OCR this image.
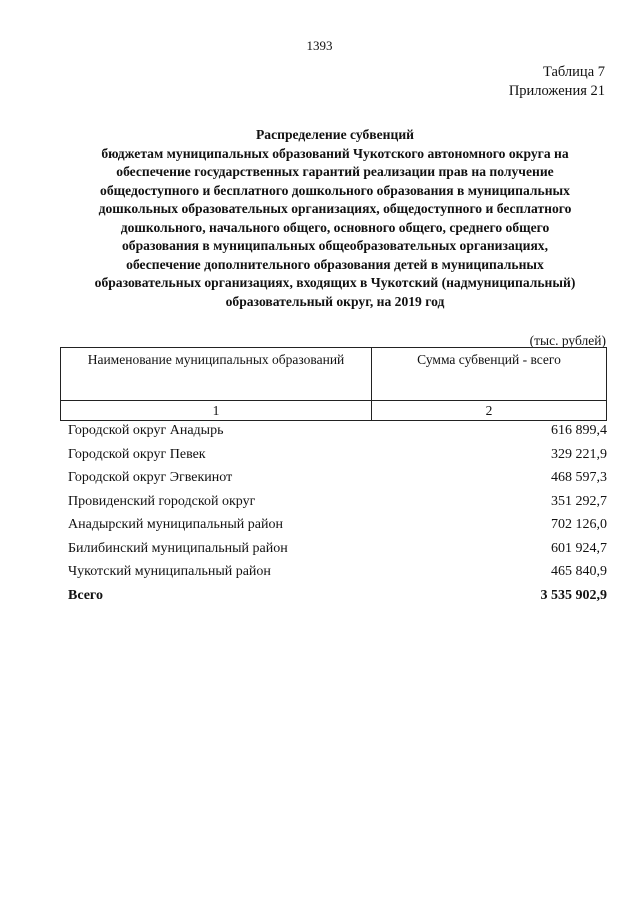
1393
Таблица 7
Приложения 21
Распределение субвенций
бюджетам муниципальных образований Чукотского автономного округа на
обеспечение государственных гарантий реализации прав на получение
общедоступного и бесплатного дошкольного образования в муниципальных
дошкольных образовательных организациях, общедоступного и бесплатного
дошкольного, начального общего, основного общего, среднего общего
образования в муниципальных общеобразовательных организациях,
обеспечение дополнительного образования детей в муниципальных
образовательных организациях, входящих в Чукотский (надмуниципальный)
образовательный округ, на 2019 год
(тыс. рублей)
Наименование муниципальных образований	Сумма субвенций - всего
1	2
Городской округ Анадырь	616 899,4
Городской округ Певек	329 221,9
Городской округ Эгвекинот	468 597,3
Провиденский городской округ	351 292,7
Анадырский муниципальный район	702 126,0
Билибинский муниципальный район	601 924,7
Чукотский муниципальный район	465 840,9
Всего	3 535 902,9
